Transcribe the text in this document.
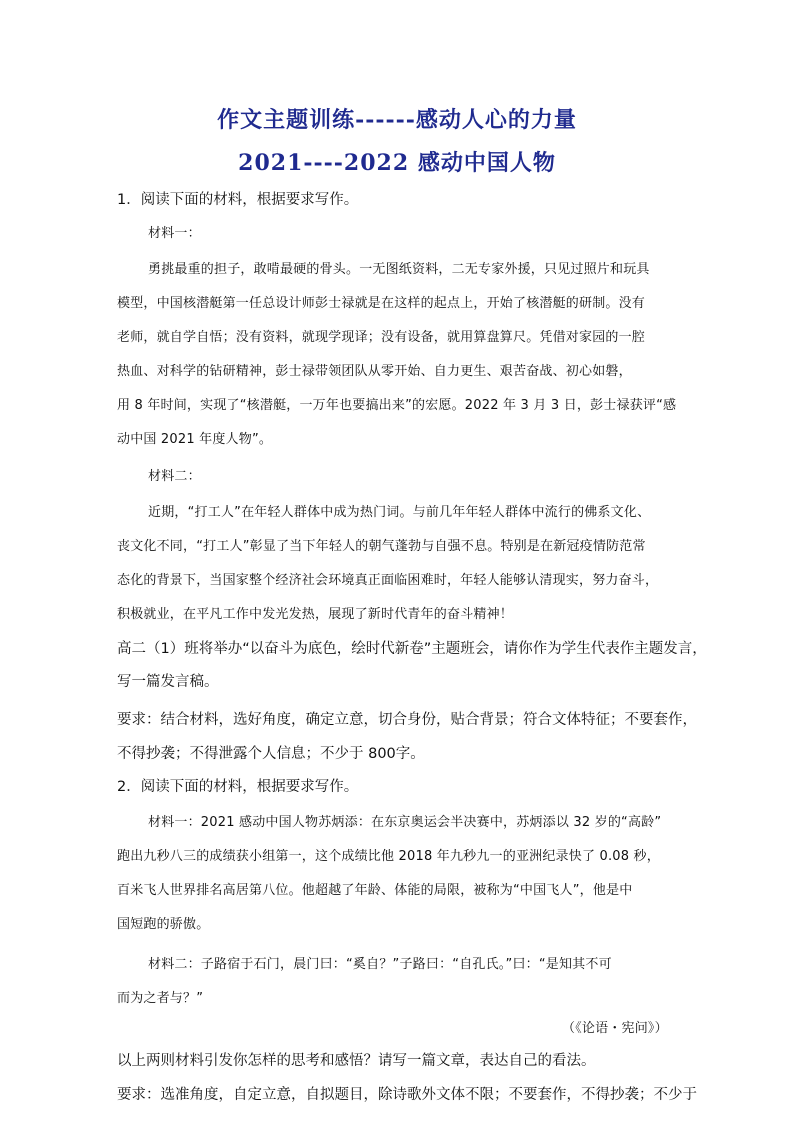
作文主题训练------感动人心的力量
2021----2022 感动中国人物
1．阅读下面的材料，根据要求写作。
材料一：
勇挑最重的担子，敢啃最硬的骨头。一无图纸资料，二无专家外援，只见过照片和玩具
模型，中国核潜艇第一任总设计师彭士禄就是在这样的起点上，开始了核潜艇的研制。没有
老师，就自学自悟；没有资料，就现学现译；没有设备，就用算盘算尺。凭借对家园的一腔
热血、对科学的钻研精神，彭士禄带领团队从零开始、自力更生、艰苦奋战、初心如磐，
用 8 年时间，实现了“核潜艇，一万年也要搞出来”的宏愿。2022 年 3 月 3 日，彭士禄获评“感
动中国 2021 年度人物”。
材料二：
近期，“打工人”在年轻人群体中成为热门词。与前几年年轻人群体中流行的佛系文化、
丧文化不同，“打工人”彰显了当下年轻人的朝气蓬勃与自强不息。特别是在新冠疫情防范常
态化的背景下，当国家整个经济社会环境真正面临困难时，年轻人能够认清现实，努力奋斗，
积极就业，在平凡工作中发光发热，展现了新时代青年的奋斗精神！
高二（1）班将举办“以奋斗为底色，绘时代新卷”主题班会，请你作为学生代表作主题发言，
写一篇发言稿。
要求：结合材料，选好角度，确定立意，切合身份，贴合背景；符合文体特征；不要套作，
不得抄袭；不得泄露个人信息；不少于 800字。
2．阅读下面的材料，根据要求写作。
材料一：2021 感动中国人物苏炳添：在东京奥运会半决赛中，苏炳添以 32 岁的“高龄”
跑出九秒八三的成绩获小组第一，这个成绩比他 2018 年九秒九一的亚洲纪录快了 0.08 秒，
百米飞人世界排名高居第八位。他超越了年龄、体能的局限，被称为“中国飞人”，他是中
国短跑的骄傲。
材料二：子路宿于石门，晨门曰：“奚自？”子路曰：“自孔氏。”曰：“是知其不可
而为之者与？”
（《论语・宪问》）
以上两则材料引发你怎样的思考和感悟？请写一篇文章，表达自己的看法。
要求：选准角度，自定立意，自拟题目，除诗歌外文体不限；不要套作，不得抄袭；不少于
